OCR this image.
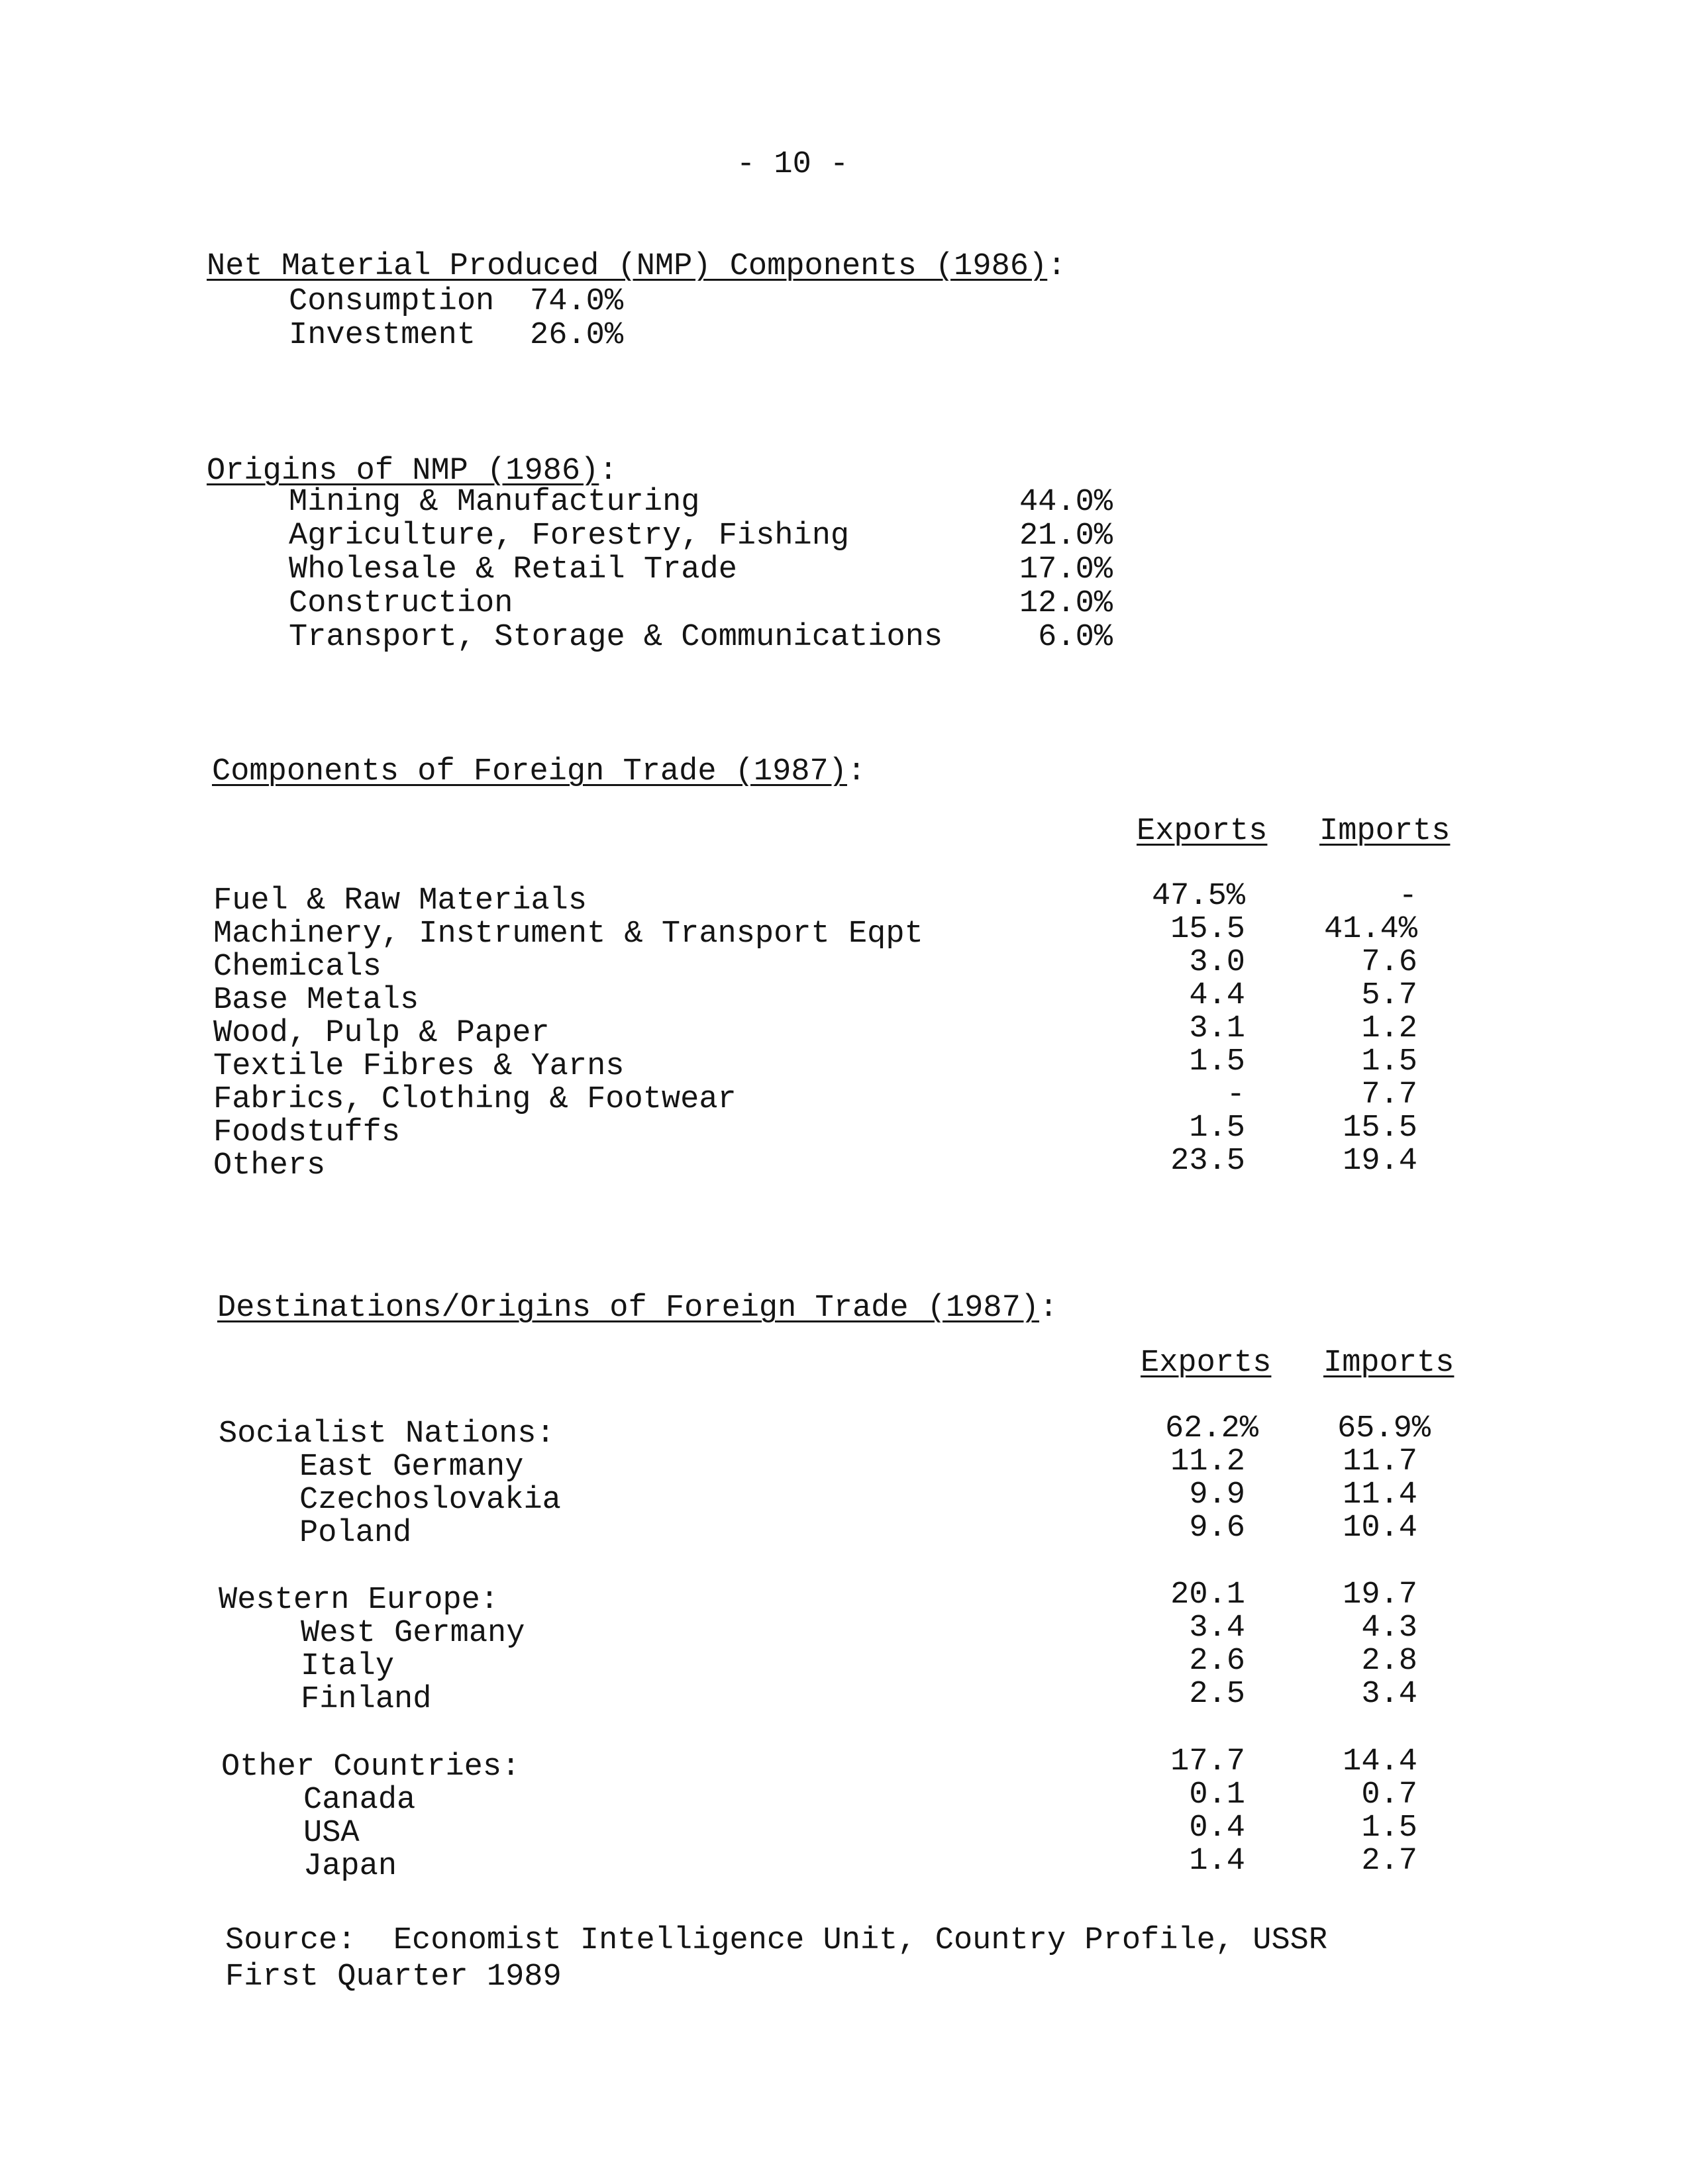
- 10 -
Net Material Produced (NMP) Components (1986):
Consumption 74.0%
Investment 26.0%
Origins of NMP (1986):
Mining & Manufacturing	44.0%
Agriculture, Forestry, Fishing	21.0%
Wholesale & Retail Trade	17.0%
Construction	12.0%
Transport, Storage & Communications	6.0%
Components of Foreign Trade (1987):
Exports Imports
Fuel & Raw Materials	47.5%	-
Machinery, Instrument & Transport Eqpt	15.5	41.4%
Chemicals	3.0	7.6
Base Metals	4.4	5.7
Wood, Pulp & Paper	3.1	1.2
Textile Fibres & Yarns	1.5	1.5
Fabrics, Clothing & Footwear	-	7.7
Foodstuffs	1.5	15.5
Others	23.5	19.4
Destinations/Origins of Foreign Trade (1987):
Exports Imports
Socialist Nations:	62.2%	65.9%
East Germany	11.2	11.7
Czechoslovakia	9.9	11.4
Poland	9.6	10.4
Western Europe:	20.1	19.7
West Germany	3.4	4.3
Italy	2.6	2.8
Finland	2.5	3.4
Other Countries:	17.7	14.4
Canada	0.1	0.7
USA	0.4	1.5
Japan	1.4	2.7
Source:  Economist Intelligence Unit, Country Profile, USSR
First Quarter 1989
